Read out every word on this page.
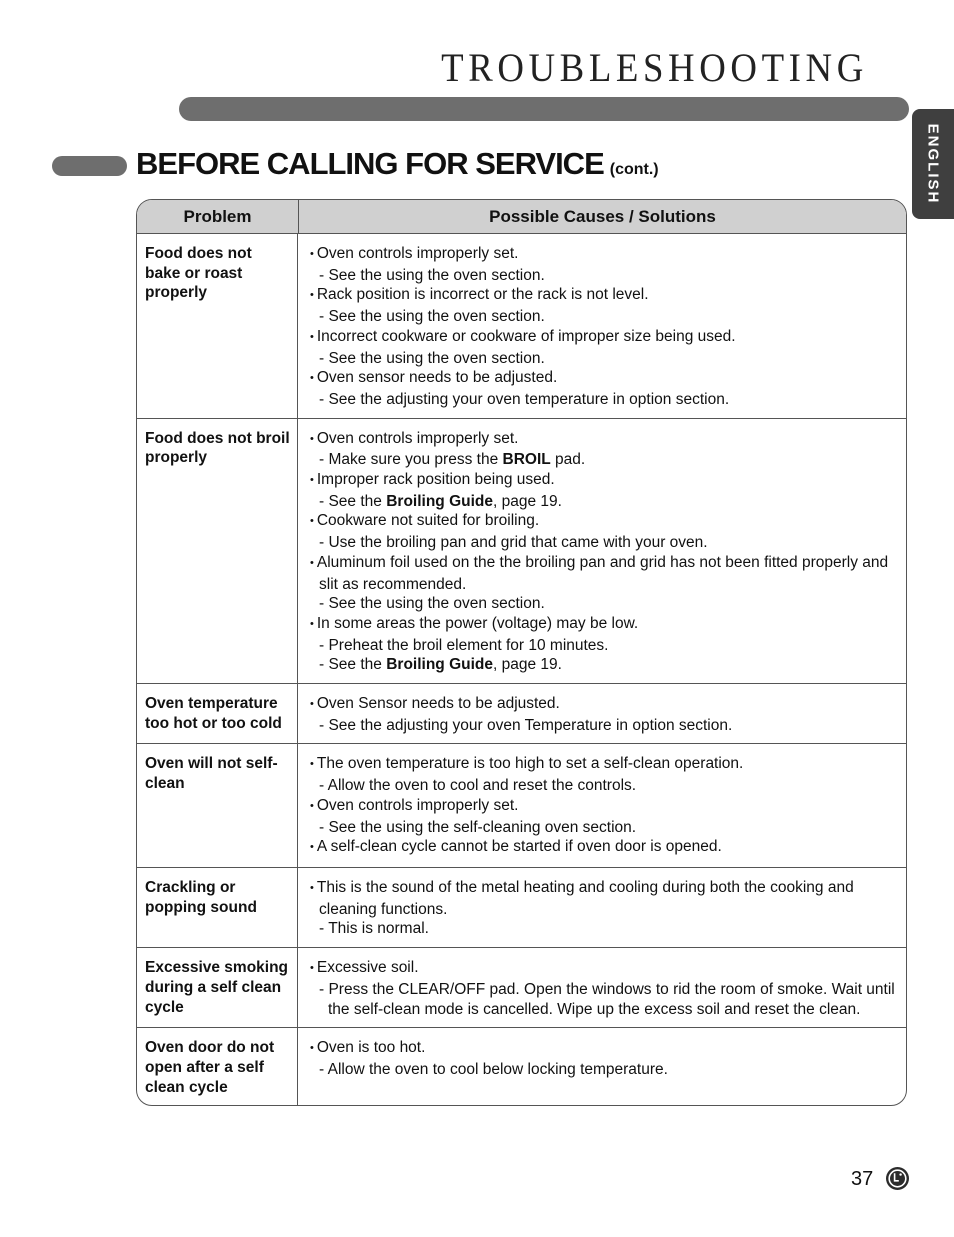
TROUBLESHOOTING
ENGLISH
BEFORE CALLING FOR SERVICE (cont.)
Problem	Possible Causes / Solutions
Food does not bake or roast properly

• Oven controls improperly set.

- See the using the oven section.

• Rack position is incorrect or the rack is not level.

- See the using the oven section.

• Incorrect cookware or cookware of improper size being used.

- See the using the oven section.

• Oven sensor needs to be adjusted.

- See the adjusting your oven temperature in option section.

Food does not broil properly

• Oven controls improperly set.

- Make sure you press the BROIL pad.

• Improper rack position being used.

- See the Broiling Guide, page 19.

• Cookware not suited for broiling.

- Use the broiling pan and grid that came with your oven.

• Aluminum foil used on the the broiling pan and grid has not been fitted properly and slit as recommended.

- See the using the oven section.

• In some areas the power (voltage) may be low.

- Preheat the broil element for 10 minutes.

- See the Broiling Guide, page 19.

Oven temperature too hot or too cold

• Oven Sensor needs to be adjusted.

- See the adjusting your oven Temperature in option section.

Oven will not self-clean

• The oven temperature is too high to set a self-clean operation.

- Allow the oven to cool and reset the controls.

• Oven controls improperly set.

- See the using the self-cleaning oven section.

• A self-clean cycle cannot be started if oven door is opened.

Crackling or popping sound

• This is the sound of the metal heating and cooling during both the cooking and cleaning functions.

- This is normal.

Excessive smoking during a self clean cycle

• Excessive soil.

- Press the CLEAR/OFF pad. Open the windows to rid the room of smoke. Wait until the self-clean mode is cancelled. Wipe up the excess soil and reset the clean.

Oven door do not open after a self clean cycle

• Oven is too hot.

- Allow the oven to cool below locking temperature.

37
